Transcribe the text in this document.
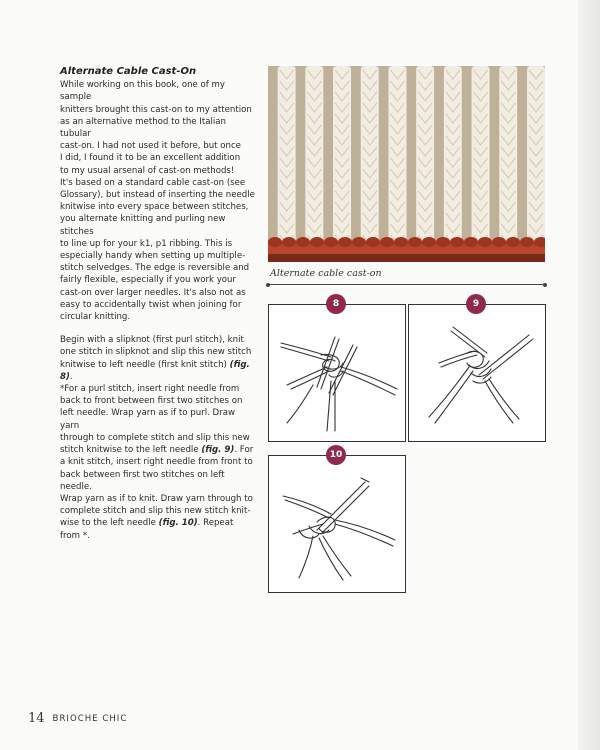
Alternate Cable Cast-On
While working on this book, one of my sample
knitters brought this cast-on to my attention
as an alternative method to the Italian tubular
cast-on. I had not used it before, but once
I did, I found it to be an excellent addition
to my usual arsenal of cast-on methods!
It's based on a standard cable cast-on (see
Glossary), but instead of inserting the needle
knitwise into every space between stitches,
you alternate knitting and purling new stitches
to line up for your k1, p1 ribbing. This is
especially handy when setting up multiple-
stitch selvedges. The edge is reversible and
fairly flexible, especially if you work your
cast-on over larger needles. It's also not as
easy to accidentally twist when joining for
circular knitting.
Begin with a slipknot (first purl stitch), knit
one stitch in slipknot and slip this new stitch
knitwise to left needle (first knit stitch) (fig. 8).
*For a purl stitch, insert right needle from
back to front between first two stitches on
left needle. Wrap yarn as if to purl. Draw yarn
through to complete stitch and slip this new
stitch knitwise to the left needle (fig. 9). For
a knit stitch, insert right needle from front to
back between first two stitches on left needle.
Wrap yarn as if to knit. Draw yarn through to
complete stitch and slip this new stitch knit-
wise to the left needle (fig. 10). Repeat from *.
Alternate cable cast-on
8	9
10
14 BRIOCHE CHIC
